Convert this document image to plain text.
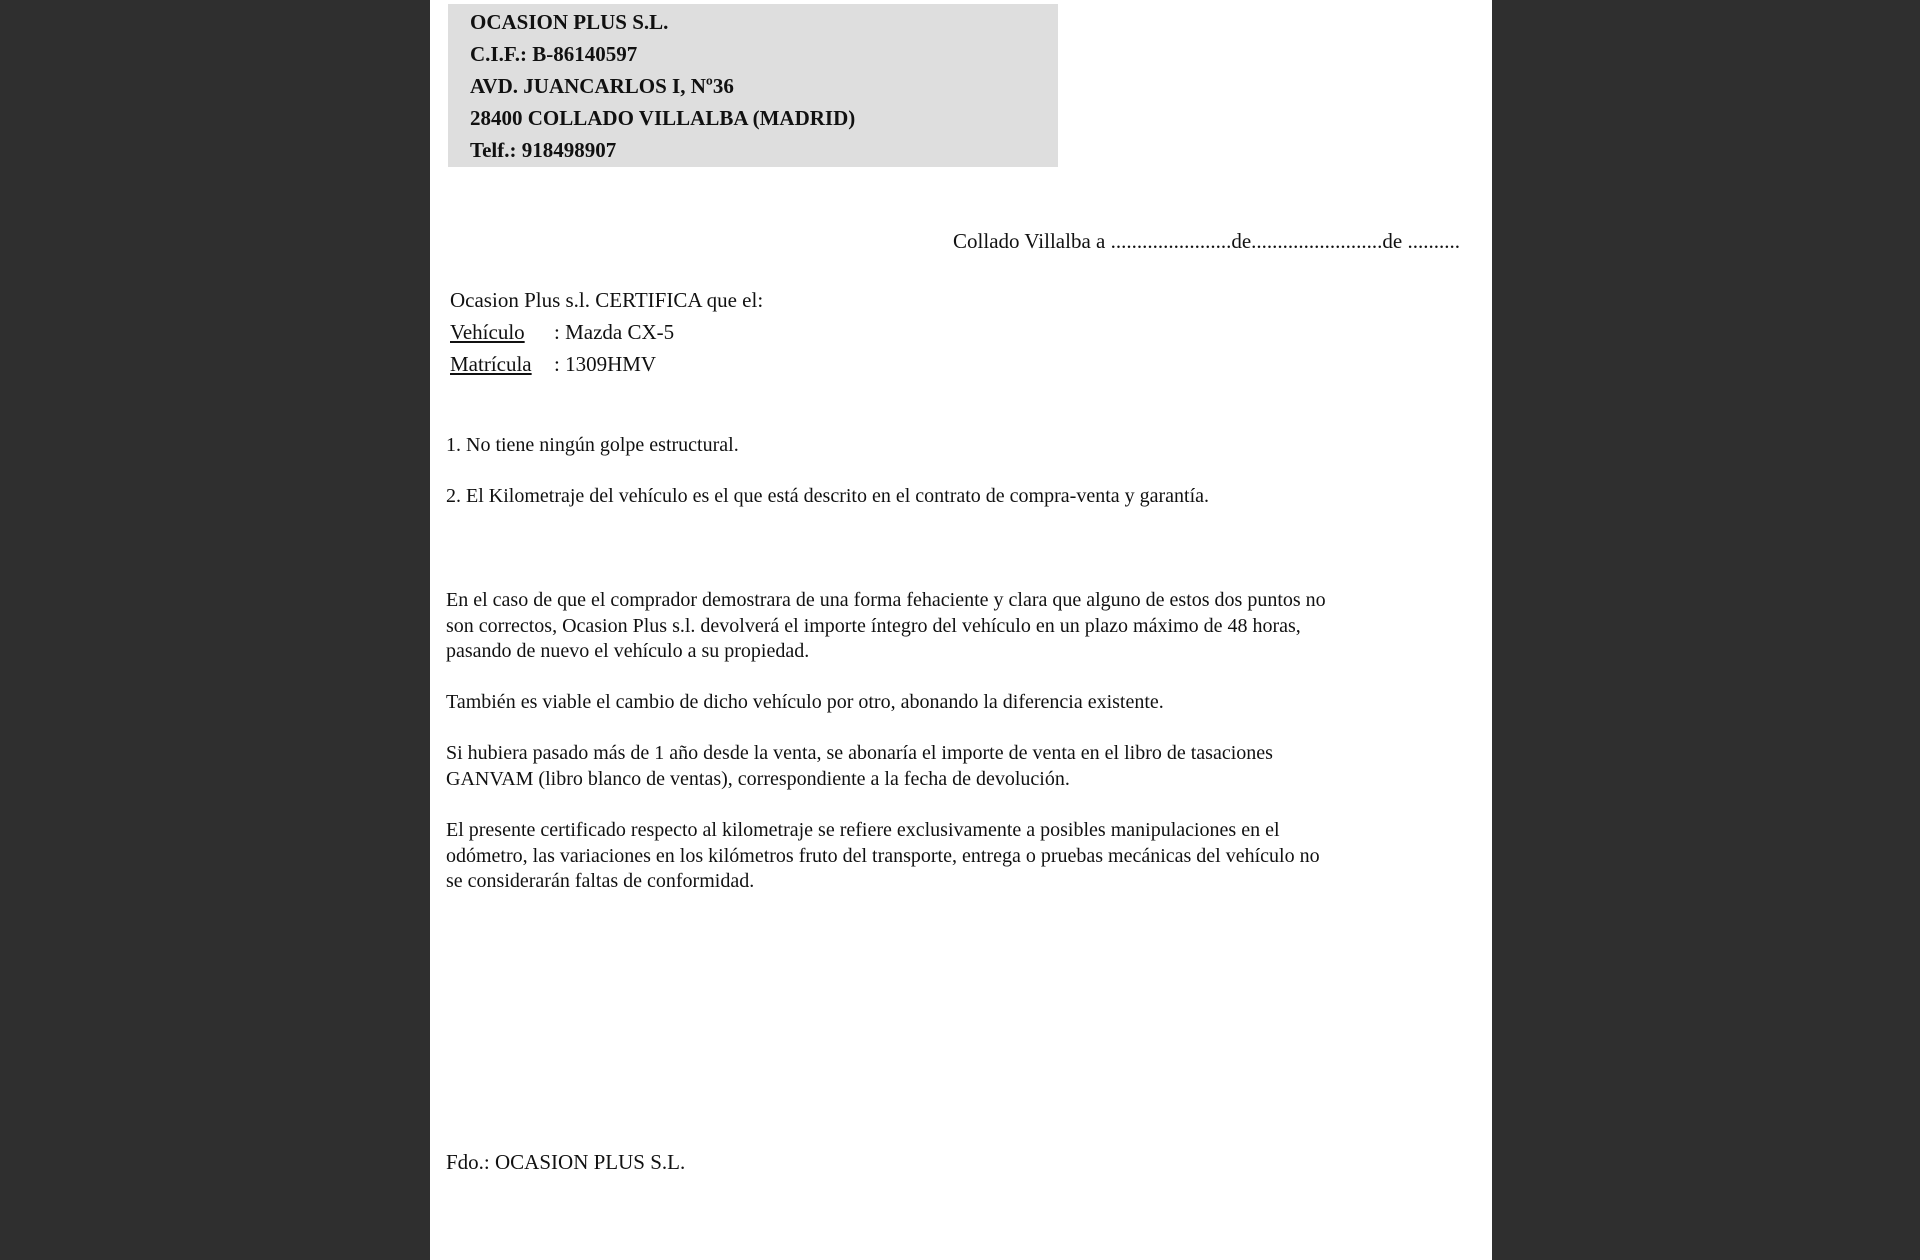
OCASION PLUS S.L.
C.I.F.: B-86140597
AVD. JUANCARLOS I, Nº36
28400 COLLADO VILLALBA (MADRID)
Telf.: 918498907
Collado Villalba a .......................de.........................de ..........
Ocasion Plus s.l. CERTIFICA que el:
Vehículo : Mazda CX-5
Matrícula : 1309HMV
1. No tiene ningún golpe estructural.
2. El Kilometraje del vehículo es el que está descrito en el contrato de compra-venta y garantía.
En el caso de que el comprador demostrara de una forma fehaciente y clara que alguno de estos dos puntos no
son correctos, Ocasion Plus s.l. devolverá el importe íntegro del vehículo en un plazo máximo de 48 horas,
pasando de nuevo el vehículo a su propiedad.
También es viable el cambio de dicho vehículo por otro, abonando la diferencia existente.
Si hubiera pasado más de 1 año desde la venta, se abonaría el importe de venta en el libro de tasaciones
GANVAM (libro blanco de ventas), correspondiente a la fecha de devolución.
El presente certificado respecto al kilometraje se refiere exclusivamente a posibles manipulaciones en el
odómetro, las variaciones en los kilómetros fruto del transporte, entrega o pruebas mecánicas del vehículo no
se considerarán faltas de conformidad.
Fdo.: OCASION PLUS S.L.
